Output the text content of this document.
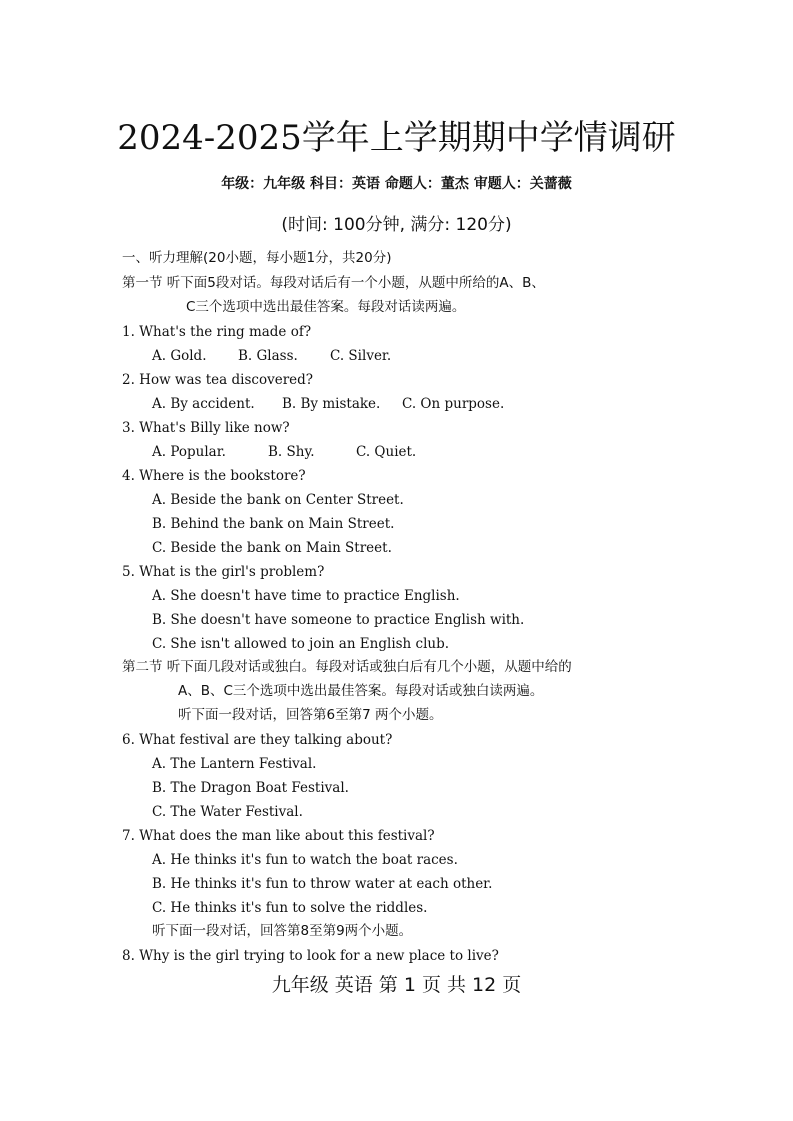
2024-2025学年上学期期中学情调研
年级：九年级 科目：英语 命题人：董杰 审题人：关蔷薇
(时间: 100分钟, 满分: 120分)
一、听力理解(20小题，每小题1分，共20分)
第一节 听下面5段对话。每段对话后有一个小题，从题中所给的A、B、
C三个选项中选出最佳答案。每段对话读两遍。
1. What's the ring made of?
A. Gold. B. Glass. C. Silver.
2. How was tea discovered?
A. By accident. B. By mistake. C. On purpose.
3. What's Billy like now?
A. Popular.	B. Shy.	C. Quiet.
4. Where is the bookstore?
A. Beside the bank on Center Street.
B. Behind the bank on Main Street.
C. Beside the bank on Main Street.
5. What is the girl's problem?
A. She doesn't have time to practice English.
B. She doesn't have someone to practice English with.
C. She isn't allowed to join an English club.
第二节 听下面几段对话或独白。每段对话或独白后有几个小题，从题中给的
A、B、C三个选项中选出最佳答案。每段对话或独白读两遍。
听下面一段对话，回答第6至第7 两个小题。
6. What festival are they talking about?
A. The Lantern Festival.
B. The Dragon Boat Festival.
C. The Water Festival.
7. What does the man like about this festival?
A. He thinks it's fun to watch the boat races.
B. He thinks it's fun to throw water at each other.
C. He thinks it's fun to solve the riddles.
听下面一段对话，回答第8至第9两个小题。
8. Why is the girl trying to look for a new place to live?
九年级 英语 第 1 页 共 12 页
